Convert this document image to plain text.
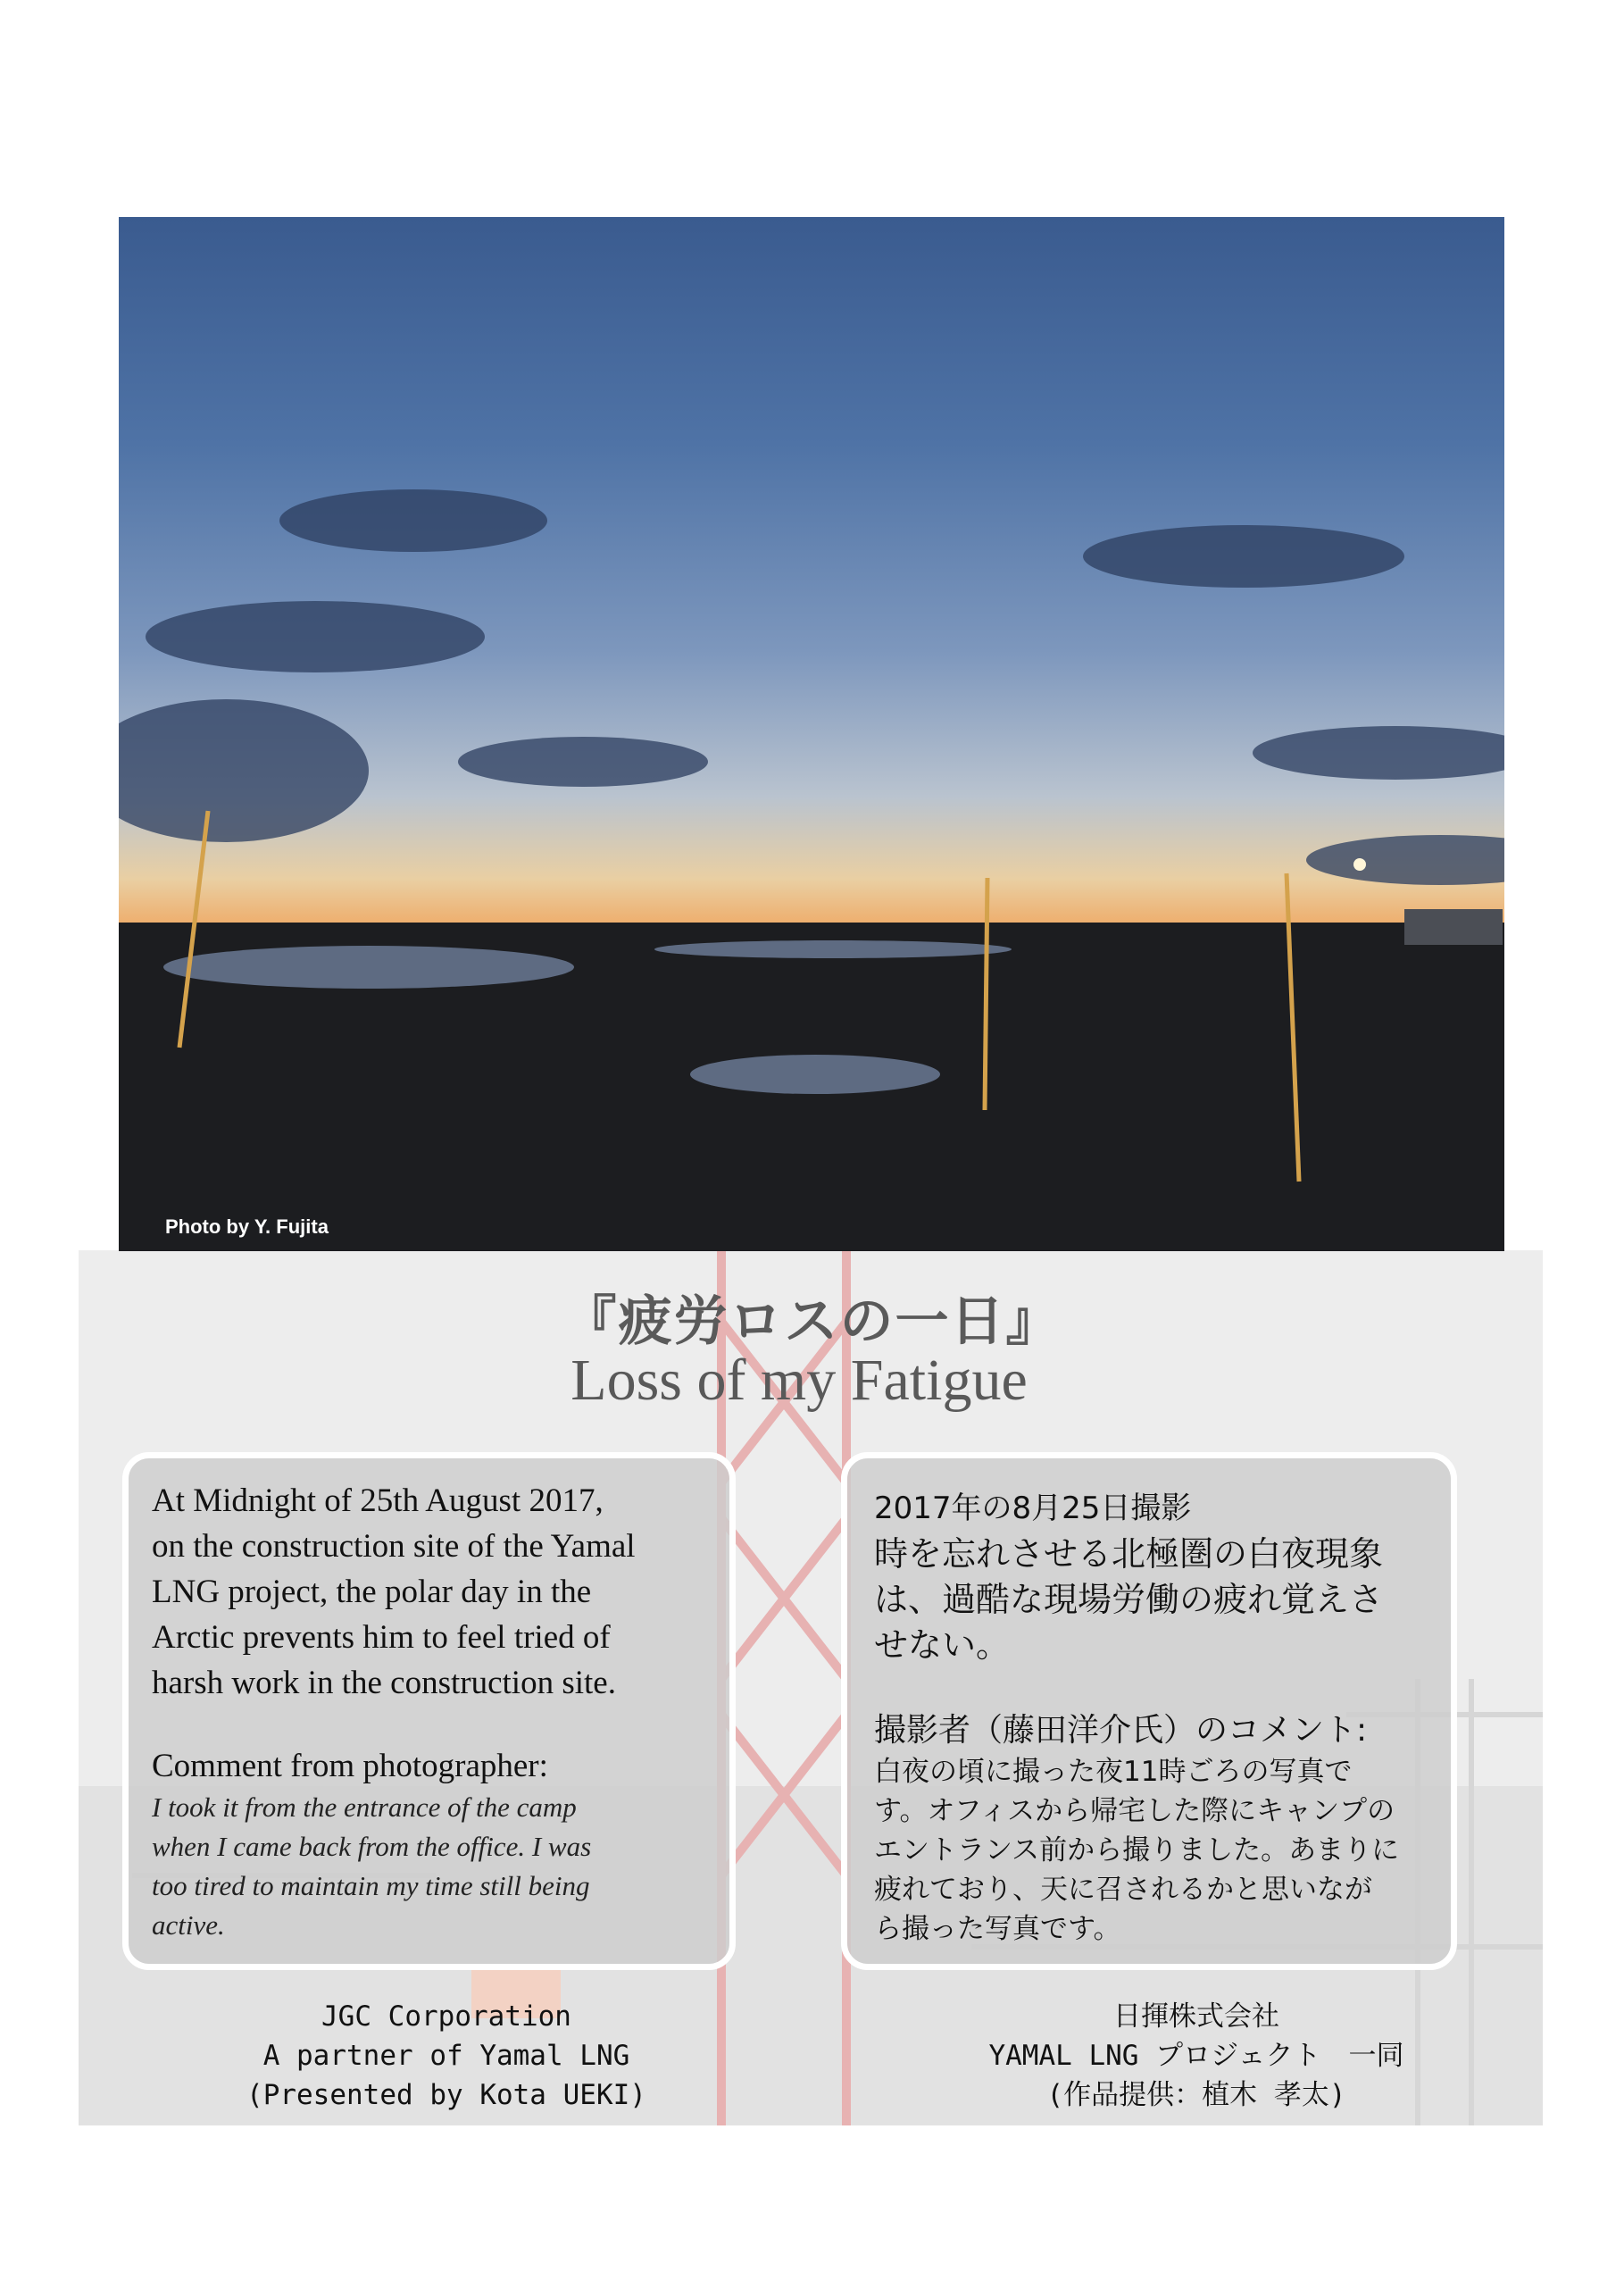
Photo by Y. Fujita
『疲労ロスの一日』
Loss of my Fatigue
At Midnight of 25th August 2017,
on the construction site of the Yamal
LNG project, the polar day in the
Arctic prevents him to feel tried of
harsh work in the construction site.
Comment from photographer:
I took it from the entrance of the camp
when I came back from the office. I was
too tired to maintain my time still being
active.
2017年の8月25日撮影
時を忘れさせる北極圏の白夜現象
は、過酷な現場労働の疲れ覚えさ
せない。
撮影者（藤田洋介氏）のコメント:
白夜の頃に撮った夜11時ごろの写真で
す。オフィスから帰宅した際にキャンプの
エントランス前から撮りました。あまりに
疲れており、天に召されるかと思いなが
ら撮った写真です。
JGC Corporation
A partner of Yamal LNG
(Presented by Kota UEKI)
日揮株式会社
YAMAL LNG プロジェクト　一同
(作品提供：植木 孝太)
